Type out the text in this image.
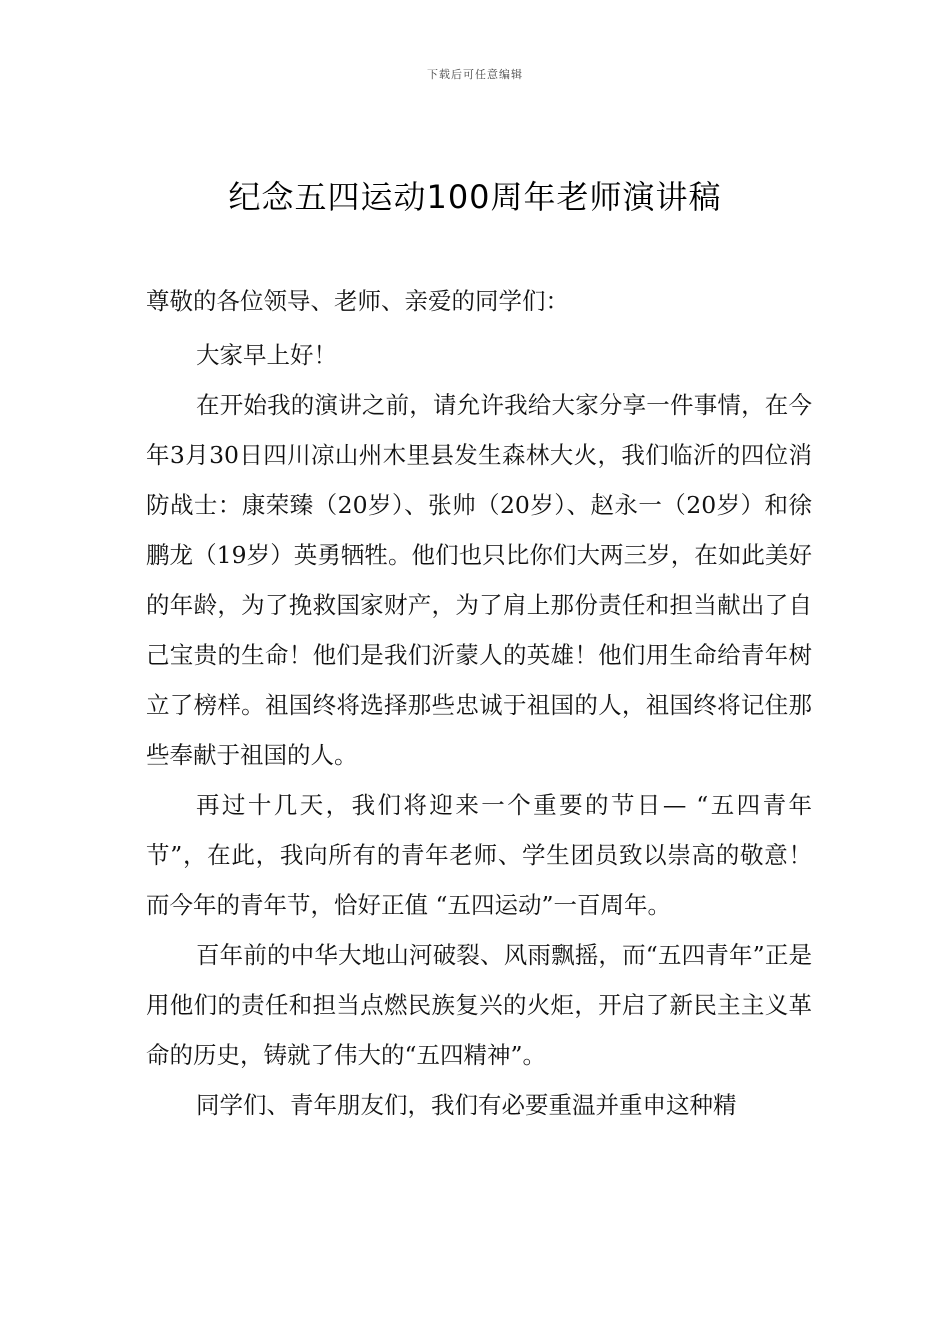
下载后可任意编辑
纪念五四运动100周年老师演讲稿

尊敬的各位领导、老师、亲爱的同学们：

大家早上好！

在开始我的演讲之前，请允许我给大家分享一件事情，在今年3月30日四川凉山州木里县发生森林大火，我们临沂的四位消防战士：康荣臻（20岁）、张帅（20岁）、赵永一（20岁）和徐鹏龙（19岁）英勇牺牲。他们也只比你们大两三岁，在如此美好的年龄，为了挽救国家财产，为了肩上那份责任和担当献出了自己宝贵的生命！他们是我们沂蒙人的英雄！他们用生命给青年树立了榜样。祖国终将选择那些忠诚于祖国的人，祖国终将记住那些奉献于祖国的人。

再过十几天，我们将迎来一个重要的节日— “五四青年节”，在此，我向所有的青年老师、学生团员致以崇高的敬意！而今年的青年节，恰好正值 “五四运动”一百周年。

百年前的中华大地山河破裂、风雨飘摇，而“五四青年”正是用他们的责任和担当点燃民族复兴的火炬，开启了新民主主义革命的历史，铸就了伟大的“五四精神”。

同学们、青年朋友们，我们有必要重温并重申这种精
